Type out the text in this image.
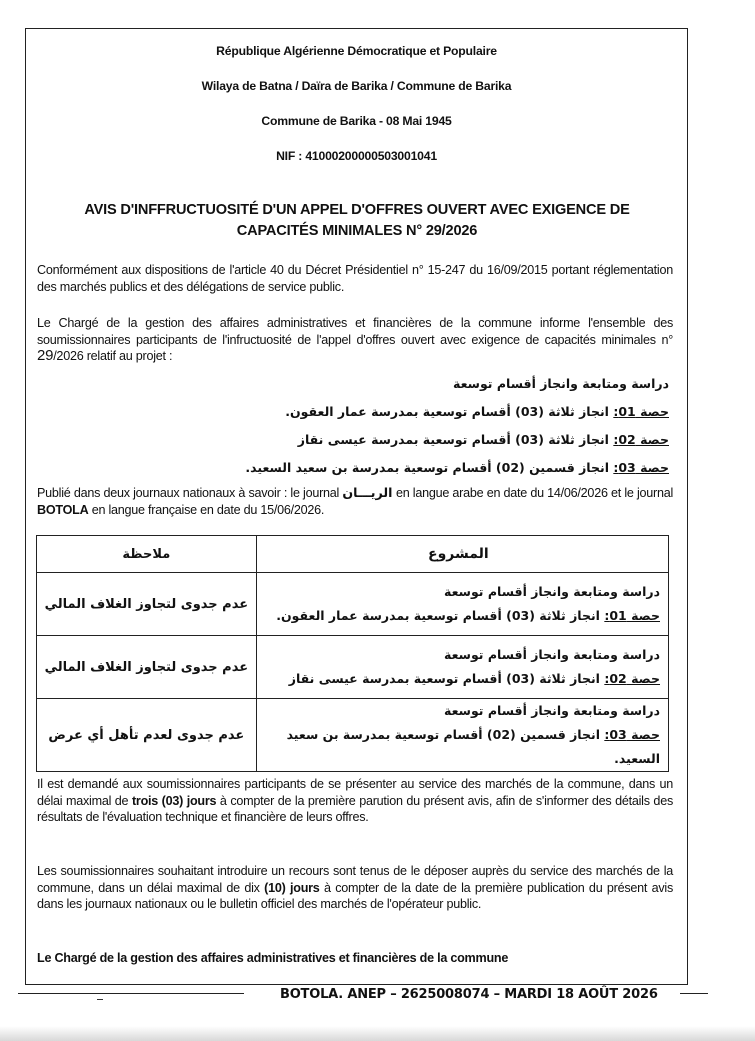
République Algérienne Démocratique et Populaire
Wilaya de Batna / Daïra de Barika / Commune de Barika
Commune de Barika - 08 Mai 1945
NIF : 41000200000503001041
AVIS D'INFFRUCTUOSITÉ D'UN APPEL D'OFFRES OUVERT AVEC EXIGENCE DE
CAPACITÉS MINIMALES N° 29/2026
Conformément aux dispositions de l'article 40 du Décret Présidentiel n° 15-247 du 16/09/2015 portant réglementation des marchés publics et des délégations de service public.
Le Chargé de la gestion des affaires administratives et financières de la commune informe l'ensemble des soumissionnaires participants de l'infructuosité de l'appel d'offres ouvert avec exigence de capacités minimales n° 29/2026 relatif au projet :
دراسة ومتابعة وانجاز أقسام توسعة
حصة 01: انجاز ثلاثة (03) أقسام توسعية بمدرسة عمار العقون.
حصة 02: انجاز ثلاثة (03) أقسام توسعية بمدرسة عيسى نقاز
حصة 03: انجاز قسمين (02) أقسام توسعية بمدرسة بن سعيد السعيد.
Publié dans deux journaux nationaux à savoir : le journal الريـــان en langue arabe en date du 14/06/2026 et le journal BOTOLA en langue française en date du 15/06/2026.
ملاحظة	المشروع
عدم جدوى لتجاوز الغلاف المالي	دراسة ومتابعة وانجاز أقسام توسعة
حصة 01: انجاز ثلاثة (03) أقسام توسعية بمدرسة عمار العقون.

عدم جدوى لتجاوز الغلاف المالي	دراسة ومتابعة وانجاز أقسام توسعة
حصة 02: انجاز ثلاثة (03) أقسام توسعية بمدرسة عيسى نقاز

عدم جدوى لعدم تأهل أي عرض	دراسة ومتابعة وانجاز أقسام توسعة
حصة 03: انجاز قسمين (02) أقسام توسعية بمدرسة بن سعيد السعيد.
Il est demandé aux soumissionnaires participants de se présenter au service des marchés de la commune, dans un délai maximal de trois (03) jours à compter de la première parution du présent avis, afin de s'informer des détails des résultats de l'évaluation technique et financière de leurs offres.
Les soumissionnaires souhaitant introduire un recours sont tenus de le déposer auprès du service des marchés de la commune, dans un délai maximal de dix (10) jours à compter de la date de la première publication du présent avis dans les journaux nationaux ou le bulletin officiel des marchés de l'opérateur public.
Le Chargé de la gestion des affaires administratives et financières de la commune
BOTOLA. ANEP – 2625008074 – MARDI 18 AOÛT 2026
